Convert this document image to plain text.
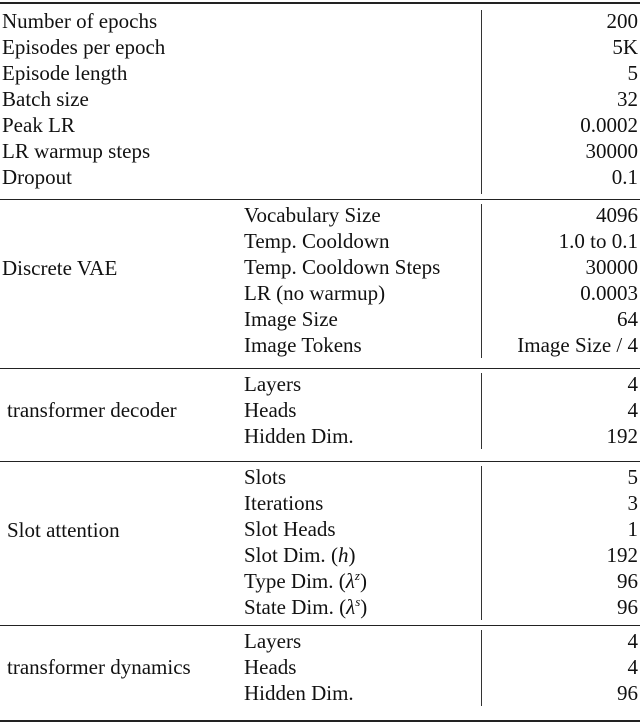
Number of epochs	200
Episodes per epoch	5K
Episode length	5
Batch size	32
Peak LR	0.0002
LR warmup steps	30000
Dropout	0.1
Discrete VAE
Vocabulary Size	4096
Temp. Cooldown	1.0 to 0.1
Temp. Cooldown Steps	30000
LR (no warmup)	0.0003
Image Size	64
Image Tokens	Image Size / 4
transformer decoder
Layers	4
Heads	4
Hidden Dim.	192
Slot attention
Slots	5
Iterations	3
Slot Heads	1
Slot Dim. (h)	192
Type Dim. $(\lambda^z)$	96
State Dim. $(\lambda^s)$	96
transformer dynamics
Layers	4
Heads	4
Hidden Dim.	96
